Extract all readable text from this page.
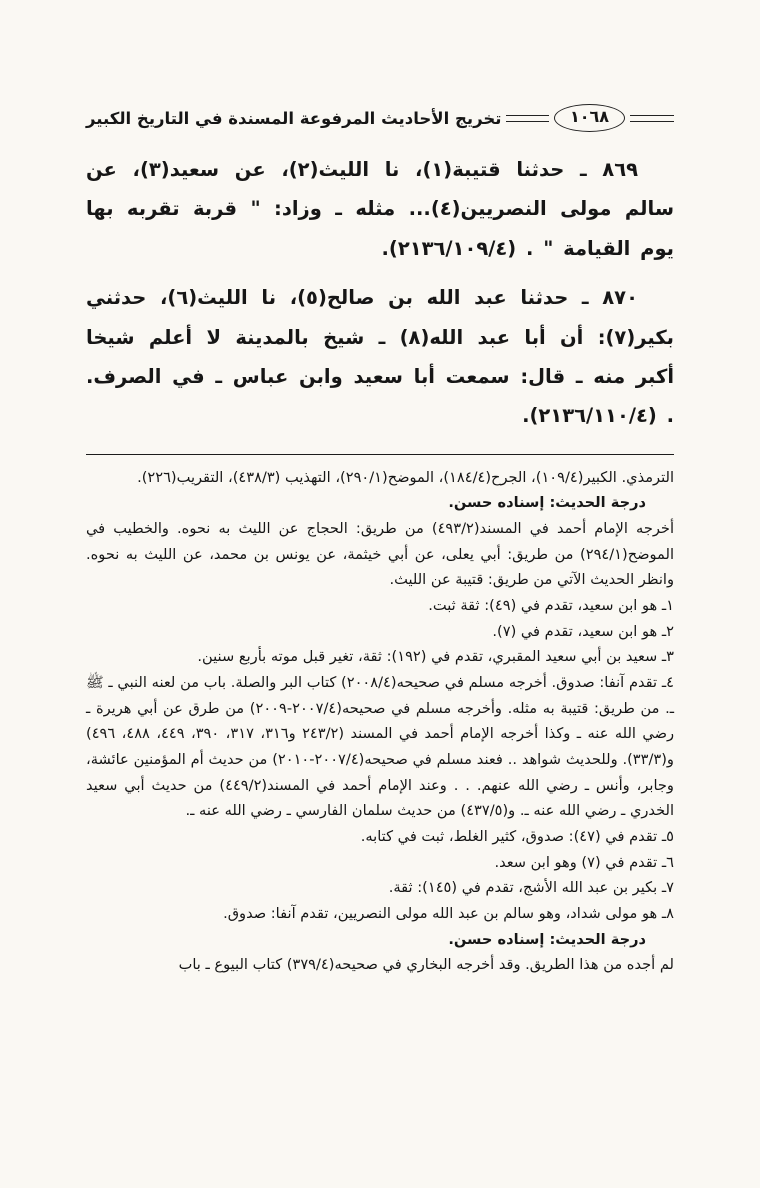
١٠٦٨
تخريج الأحاديث المرفوعة المسندة في التاريخ الكبير

٨٦٩ ـ حدثنا قتيبة(١)، نا الليث(٢)، عن سعيد(٣)، عن سالم مولى النصريين(٤)... مثله ـ وزاد: " قربة تقربه بها يوم القيامة " . (٤‏/١٠٩‏/٢١٣٦).

٨٧٠ ـ حدثنا عبد الله بن صالح(٥)، نا الليث(٦)، حدثني بكير(٧): أن أبا عبد الله(٨) ـ شيخ بالمدينة لا أعلم شيخا أكبر منه ـ قال: سمعت أبا سعيد وابن عباس ـ في الصرف. . (٤‏/١١٠‏/٢١٣٦).

الترمذي. الكبير(٤‏/١٠٩)، الجرح(٤‏/١٨٤)، الموضح(١‏/٢٩٠)، التهذيب (٣‏/٤٣٨)، التقريب(٢٢٦).

درجة الحديث: إسناده حسن.

أخرجه الإمام أحمد في المسند(٢‏/٤٩٣) من طريق: الحجاج عن الليث به نحوه. والخطيب في الموضح(١‏/٢٩٤) من طريق: أبي يعلى، عن أبي خيثمة، عن يونس بن محمد، عن الليث به نحوه. وانظر الحديث الآتي من طريق: قتيبة عن الليث.

١ـ هو ابن سعيد، تقدم في (٤٩): ثقة ثبت.

٢ـ هو ابن سعيد، تقدم في (٧).

٣ـ سعيد بن أبي سعيد المقبري، تقدم في (١٩٢): ثقة، تغير قبل موته بأربع سنين.

٤ـ تقدم آنفا: صدوق. أخرجه مسلم في صحيحه(٤‏/٢٠٠٨) كتاب البر والصلة. باب من لعنه النبي ـ ﷺ ـ. من طريق: قتيبة به مثله. وأخرجه مسلم في صحيحه(٤‏/٢٠٠٧-٢٠٠٩) من طرق عن أبي هريرة ـ رضي الله عنه ـ وكذا أخرجه الإمام أحمد في المسند (٢‏/٢٤٣ و٣١٦، ٣١٧، ٣٩٠، ٤٤٩، ٤٨٨، ٤٩٦) و(٣‏/٣٣). وللحديث شواهد .. فعند مسلم في صحيحه(٤‏/٢٠٠٧-٢٠١٠) من حديث أم المؤمنين عائشة، وجابر، وأنس ـ رضي الله عنهم. . . وعند الإمام أحمد في المسند(٢‏/٤٤٩) من حديث أبي سعيد الخدري ـ رضي الله عنه ـ. و(٥‏/٤٣٧) من حديث سلمان الفارسي ـ رضي الله عنه ـ.

٥ـ تقدم في (٤٧): صدوق، كثير الغلط، ثبت في كتابه.

٦ـ تقدم في (٧) وهو ابن سعد.

٧ـ بكير بن عبد الله الأشج، تقدم في (١٤٥): ثقة.

٨ـ هو مولى شداد، وهو سالم بن عبد الله مولى النصريين، تقدم آنفا: صدوق.

درجة الحديث: إسناده حسن.

لم أجده من هذا الطريق. وقد أخرجه البخاري في صحيحه(٤‏/٣٧٩) كتاب البيوع ـ باب
